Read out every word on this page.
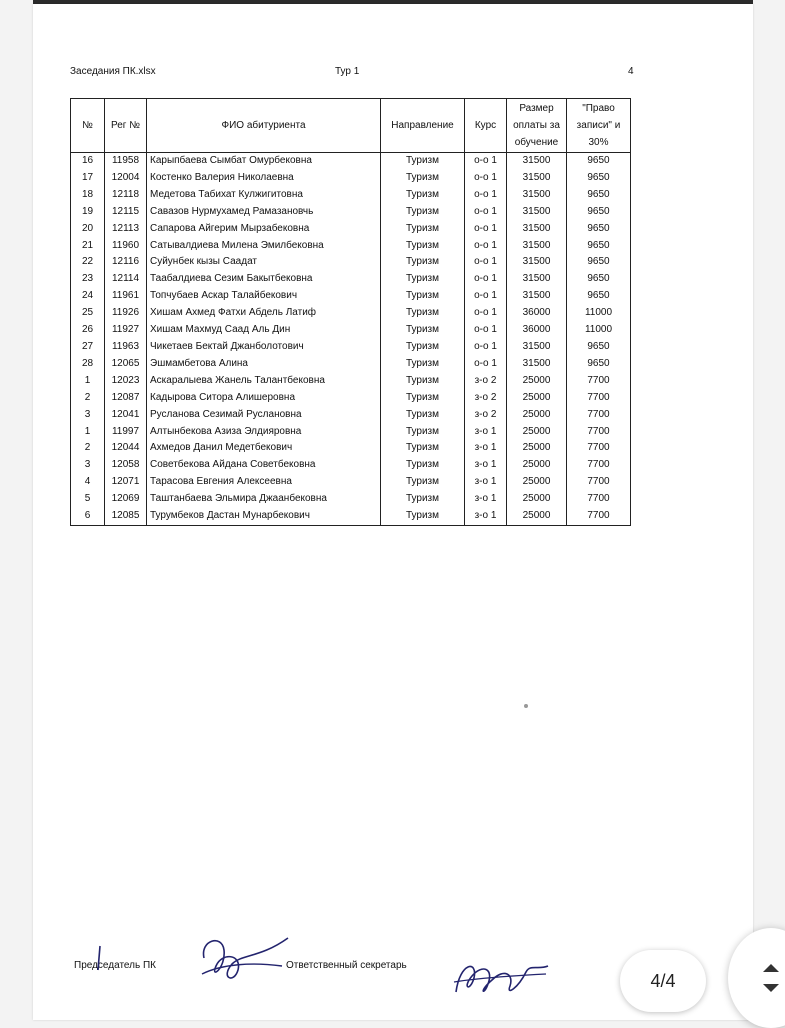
Заседания ПК.xlsx	Тур 1	4
№	Рег №	ФИО абитуриента	Направление	Курс	Размер оплаты за обучение	"Право записи" и 30%
16	11958	Карыпбаева Сымбат Омурбековна	Туризм	о-о 1	31500	9650
17	12004	Костенко Валерия Николаевна	Туризм	о-о 1	31500	9650
18	12118	Медетова Табихат Кулжигитовна	Туризм	о-о 1	31500	9650
19	12115	Савазов Нурмухамед Рамазановчь	Туризм	о-о 1	31500	9650
20	12113	Сапарова Айгерим Мырзабековна	Туризм	о-о 1	31500	9650
21	11960	Сатывалдиева Милена Эмилбековна	Туризм	о-о 1	31500	9650
22	12116	Суйунбек кызы Саадат	Туризм	о-о 1	31500	9650
23	12114	Таабалдиева Сезим Бакытбековна	Туризм	о-о 1	31500	9650
24	11961	Топчубаев Аскар Талайбекович	Туризм	о-о 1	31500	9650
25	11926	Хишам Ахмед Фатхи Абдель Латиф	Туризм	о-о 1	36000	11000
26	11927	Хишам Махмуд Саад Аль Дин	Туризм	о-о 1	36000	11000
27	11963	Чикетаев Бектай Джанболотович	Туризм	о-о 1	31500	9650
28	12065	Эшмамбетова Алина	Туризм	о-о 1	31500	9650
1	12023	Аскаралыева Жанель Талантбековна	Туризм	з-о 2	25000	7700
2	12087	Кадырова Ситора Алишеровна	Туризм	з-о 2	25000	7700
3	12041	Русланова Сезимай Руслановна	Туризм	з-о 2	25000	7700
1	11997	Алтынбекова Азиза Элдияровна	Туризм	з-о 1	25000	7700
2	12044	Ахмедов Данил Медетбекович	Туризм	з-о 1	25000	7700
3	12058	Советбекова Айдана Советбековна	Туризм	з-о 1	25000	7700
4	12071	Тарасова Евгения Алексеевна	Туризм	з-о 1	25000	7700
5	12069	Таштанбаева Эльмира Джаанбековна	Туризм	з-о 1	25000	7700
6	12085	Турумбеков Дастан Мунарбекович	Туризм	з-о 1	25000	7700
Председатель ПК	Ответственный секретарь
4/4
